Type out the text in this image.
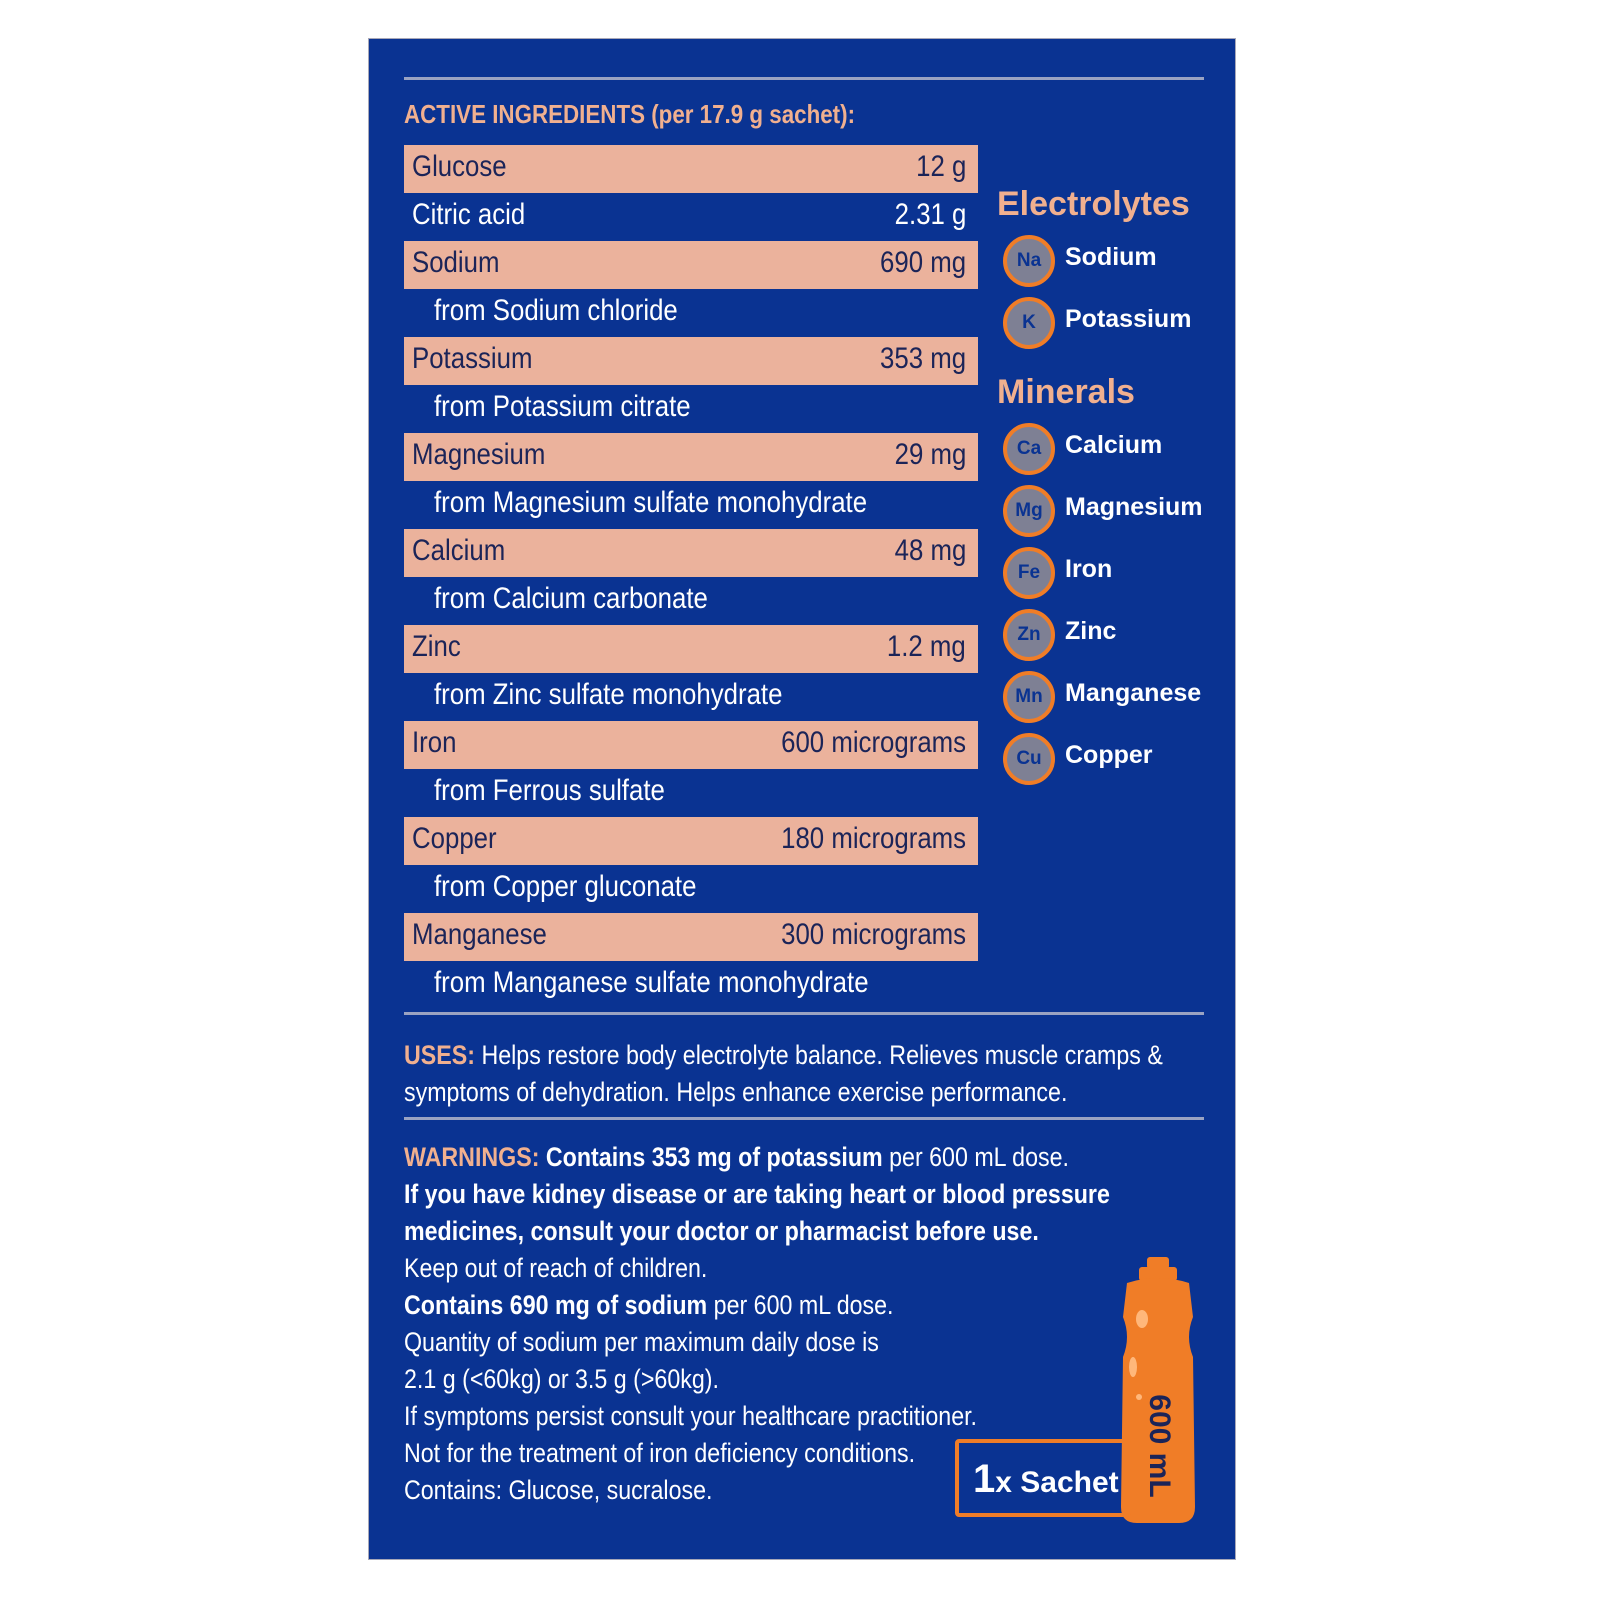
ACTIVE INGREDIENTS (per 17.9 g sachet):
Glucose	12 g
Citric acid	2.31 g
Sodium	690 mg
from Sodium chloride
Potassium	353 mg
from Potassium citrate
Magnesium	29 mg
from Magnesium sulfate monohydrate
Calcium	48 mg
from Calcium carbonate
Zinc	1.2 mg
from Zinc sulfate monohydrate
Iron	600 micrograms
from Ferrous sulfate
Copper	180 micrograms
from Copper gluconate
Manganese	300 micrograms
from Manganese sulfate monohydrate
Electrolytes
Na Sodium
K	Potassium
Minerals
Ca Calcium
Mg Magnesium
Fe Iron
Zn Zinc
Mn Manganese
Cu Copper
USES: Helps restore body electrolyte balance. Relieves muscle cramps &
symptoms of dehydration. Helps enhance exercise performance.
WARNINGS: Contains 353 mg of potassium per 600 mL dose.
If you have kidney disease or are taking heart or blood pressure
medicines, consult your doctor or pharmacist before use.
Keep out of reach of children.
Contains 690 mg of sodium per 600 mL dose.
Quantity of sodium per maximum daily dose is
2.1 g (<60kg) or 3.5 g (>60kg).
If symptoms persist consult your healthcare practitioner.
Not for the treatment of iron deficiency conditions.
Contains: Glucose, sucralose.	600 mL
1x Sachet
